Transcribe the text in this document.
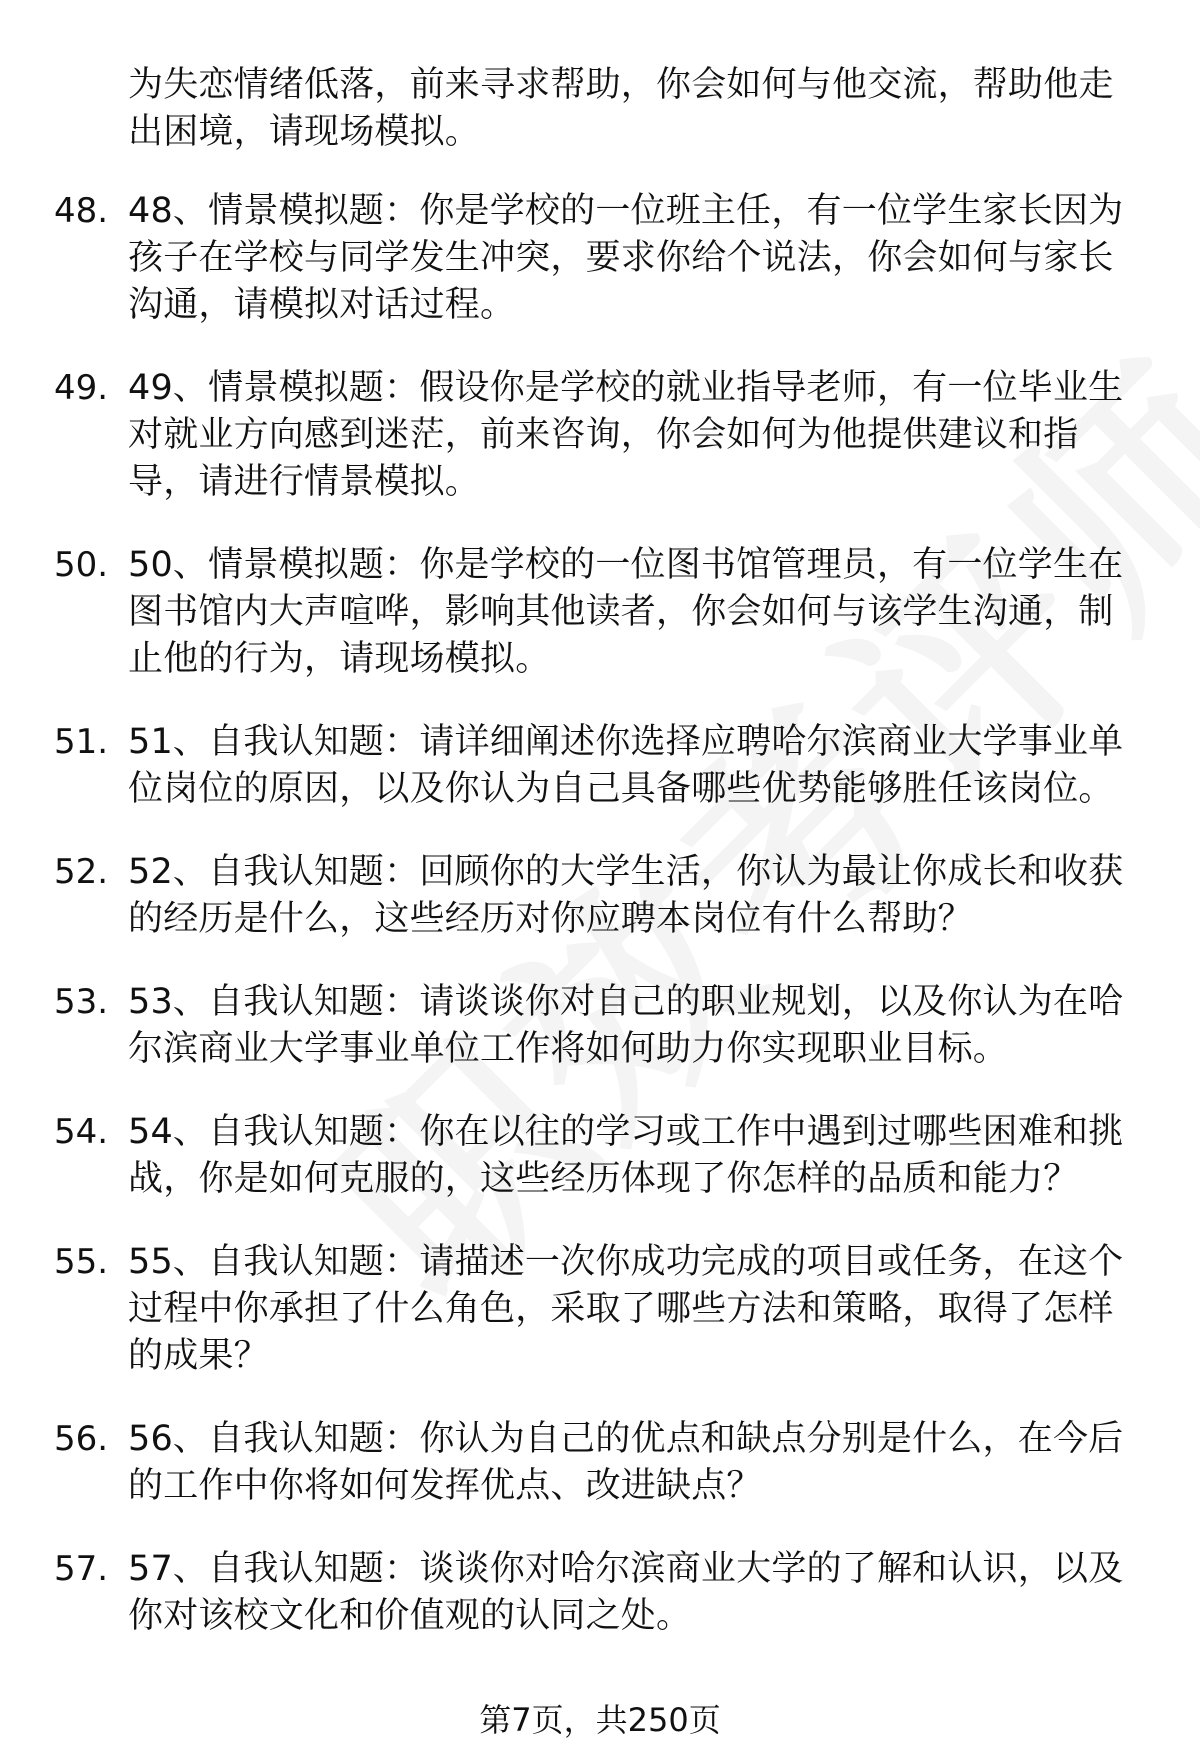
为失恋情绪低落，前来寻求帮助，你会如何与他交流，帮助他走出困境，请现场模拟。
48. 48、情景模拟题：你是学校的一位班主任，有一位学生家长因为孩子在学校与同学发生冲突，要求你给个说法，你会如何与家长沟通，请模拟对话过程。
49. 49、情景模拟题：假设你是学校的就业指导老师，有一位毕业生对就业方向感到迷茫，前来咨询，你会如何为他提供建议和指导，请进行情景模拟。
50. 50、情景模拟题：你是学校的一位图书馆管理员，有一位学生在图书馆内大声喧哗，影响其他读者，你会如何与该学生沟通，制止他的行为，请现场模拟。
51. 51、自我认知题：请详细阐述你选择应聘哈尔滨商业大学事业单位岗位的原因，以及你认为自己具备哪些优势能够胜任该岗位。
52. 52、自我认知题：回顾你的大学生活，你认为最让你成长和收获的经历是什么，这些经历对你应聘本岗位有什么帮助？
53. 53、自我认知题：请谈谈你对自己的职业规划，以及你认为在哈尔滨商业大学事业单位工作将如何助力你实现职业目标。
54. 54、自我认知题：你在以往的学习或工作中遇到过哪些困难和挑战，你是如何克服的，这些经历体现了你怎样的品质和能力？
55. 55、自我认知题：请描述一次你成功完成的项目或任务，在这个过程中你承担了什么角色，采取了哪些方法和策略，取得了怎样的成果？
56. 56、自我认知题：你认为自己的优点和缺点分别是什么，在今后的工作中你将如何发挥优点、改进缺点？
57. 57、自我认知题：谈谈你对哈尔滨商业大学的了解和认识，以及你对该校文化和价值观的认同之处。
第7页，共250页
